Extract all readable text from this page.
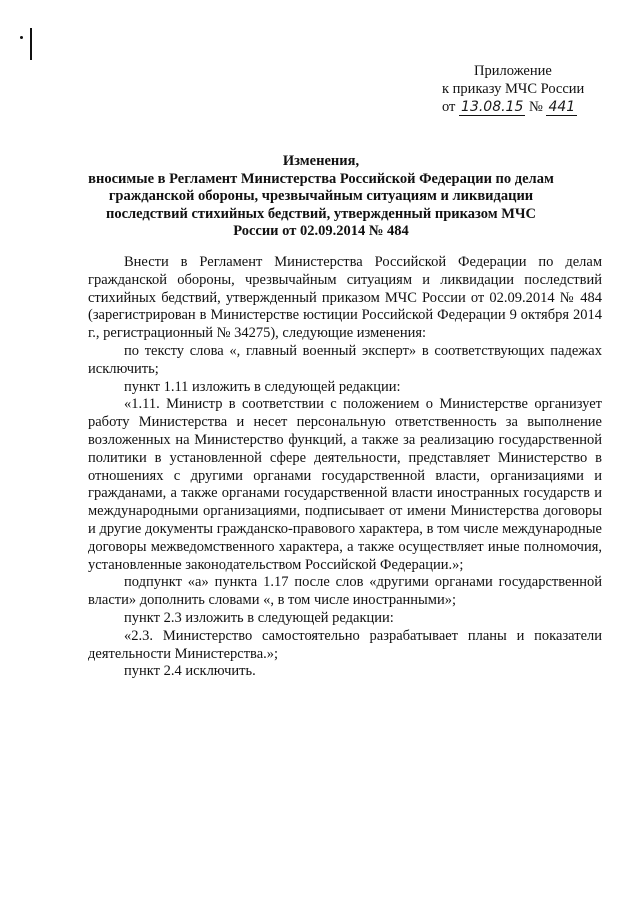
Приложение
к приказу МЧС России
от 13.08.15 № 441
Изменения,
вносимые в Регламент Министерства Российской Федерации по делам гражданской обороны, чрезвычайным ситуациям и ликвидации последствий стихийных бедствий, утвержденный приказом МЧС России от 02.09.2014 № 484

Внести в Регламент Министерства Российской Федерации по делам гражданской обороны, чрезвычайным ситуациям и ликвидации последствий стихийных бедствий, утвержденный приказом МЧС России от 02.09.2014 № 484 (зарегистрирован в Министерстве юстиции Российской Федерации 9 октября 2014 г., регистрационный № 34275), следующие изменения:

по тексту слова «, главный военный эксперт» в соответствующих падежах исключить;

пункт 1.11 изложить в следующей редакции:

«1.11. Министр в соответствии с положением о Министерстве организует работу Министерства и несет персональную ответственность за выполнение возложенных на Министерство функций, а также за реализацию государственной политики в установленной сфере деятельности, представляет Министерство в отношениях с другими органами государственной власти, организациями и гражданами, а также органами государственной власти иностранных государств и международными организациями, подписывает от имени Министерства договоры и другие документы гражданско-правового характера, в том числе международные договоры межведомственного характера, а также осуществляет иные полномочия, установленные законодательством Российской Федерации.»;

подпункт «а» пункта 1.17 после слов «другими органами государственной власти» дополнить словами «, в том числе иностранными»;

пункт 2.3 изложить в следующей редакции:

«2.3. Министерство самостоятельно разрабатывает планы и показатели деятельности Министерства.»;

пункт 2.4 исключить.
